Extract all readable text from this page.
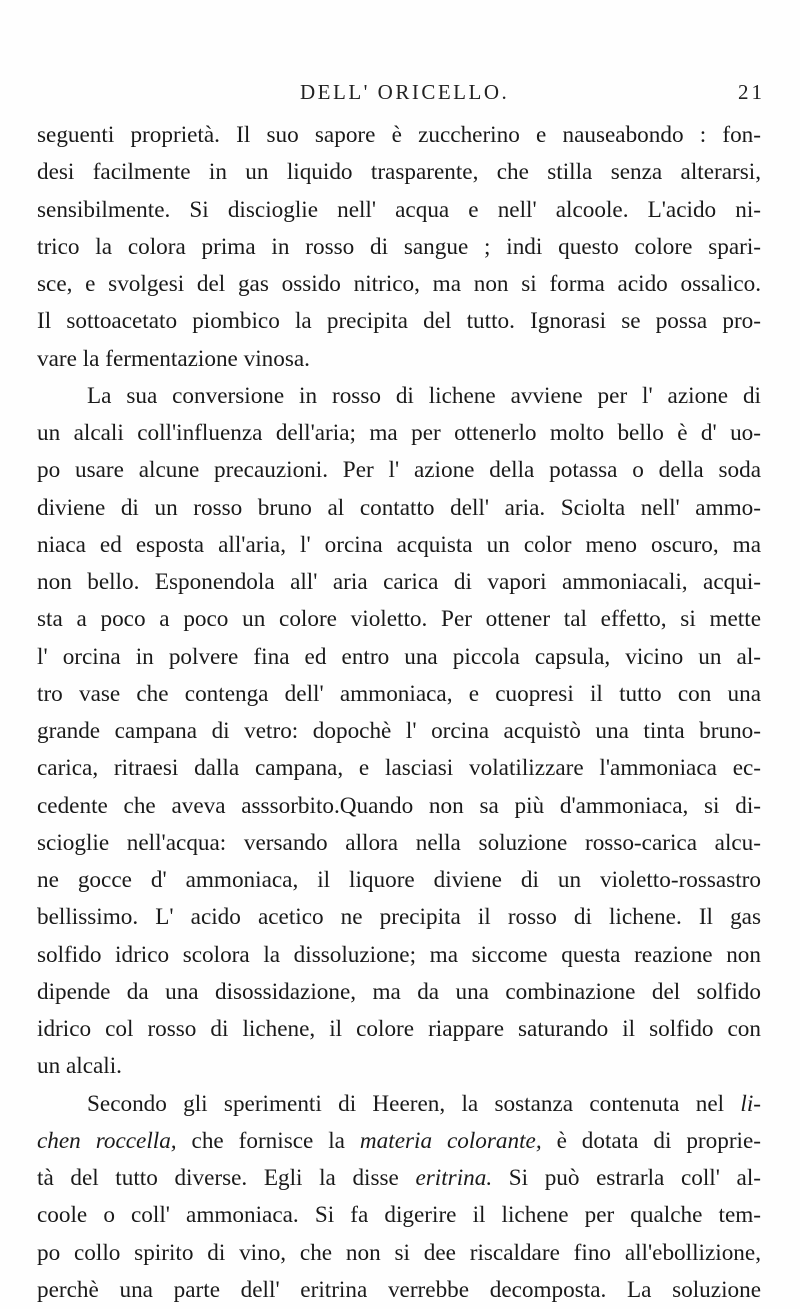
DELL' ORICELLO.	21
seguenti proprietà. Il suo sapore è zuccherino e nauseabondo : fon-
desi facilmente in un liquido trasparente, che stilla senza alterarsi,
sensibilmente. Si discioglie nell' acqua e nell' alcoole. L'acido ni-
trico la colora prima in rosso di sangue ; indi questo colore spari-
sce, e svolgesi del gas ossido nitrico, ma non si forma acido ossalico.
Il sottoacetato piombico la precipita del tutto. Ignorasi se possa pro-
vare la fermentazione vinosa.
La sua conversione in rosso di lichene avviene per l' azione di
un alcali coll'influenza dell'aria; ma per ottenerlo molto bello è d' uo-
po usare alcune precauzioni. Per l' azione della potassa o della soda
diviene di un rosso bruno al contatto dell' aria. Sciolta nell' ammo-
niaca ed esposta all'aria, l' orcina acquista un color meno oscuro, ma
non bello. Esponendola all' aria carica di vapori ammoniacali, acqui-
sta a poco a poco un colore violetto. Per ottener tal effetto, si mette
l' orcina in polvere fina ed entro una piccola capsula, vicino un al-
tro vase che contenga dell' ammoniaca, e cuopresi il tutto con una
grande campana di vetro: dopochè l' orcina acquistò una tinta bruno-
carica, ritraesi dalla campana, e lasciasi volatilizzare l'ammoniaca ec-
cedente che aveva asssorbito.Quando non sa più d'ammoniaca, si di-
scioglie nell'acqua: versando allora nella soluzione rosso-carica alcu-
ne gocce d' ammoniaca, il liquore diviene di un violetto-rossastro
bellissimo. L' acido acetico ne precipita il rosso di lichene. Il gas
solfido idrico scolora la dissoluzione; ma siccome questa reazione non
dipende da una disossidazione, ma da una combinazione del solfido
idrico col rosso di lichene, il colore riappare saturando il solfido con
un alcali.
Secondo gli sperimenti di Heeren, la sostanza contenuta nel li-
chen roccella, che fornisce la materia colorante, è dotata di proprie-
tà del tutto diverse. Egli la disse eritrina. Si può estrarla coll' al-
coole o coll' ammoniaca. Si fa digerire il lichene per qualche tem-
po collo spirito di vino, che non si dee riscaldare fino all'ebollizione,
perchè una parte dell' eritrina verrebbe decomposta. La soluzione
